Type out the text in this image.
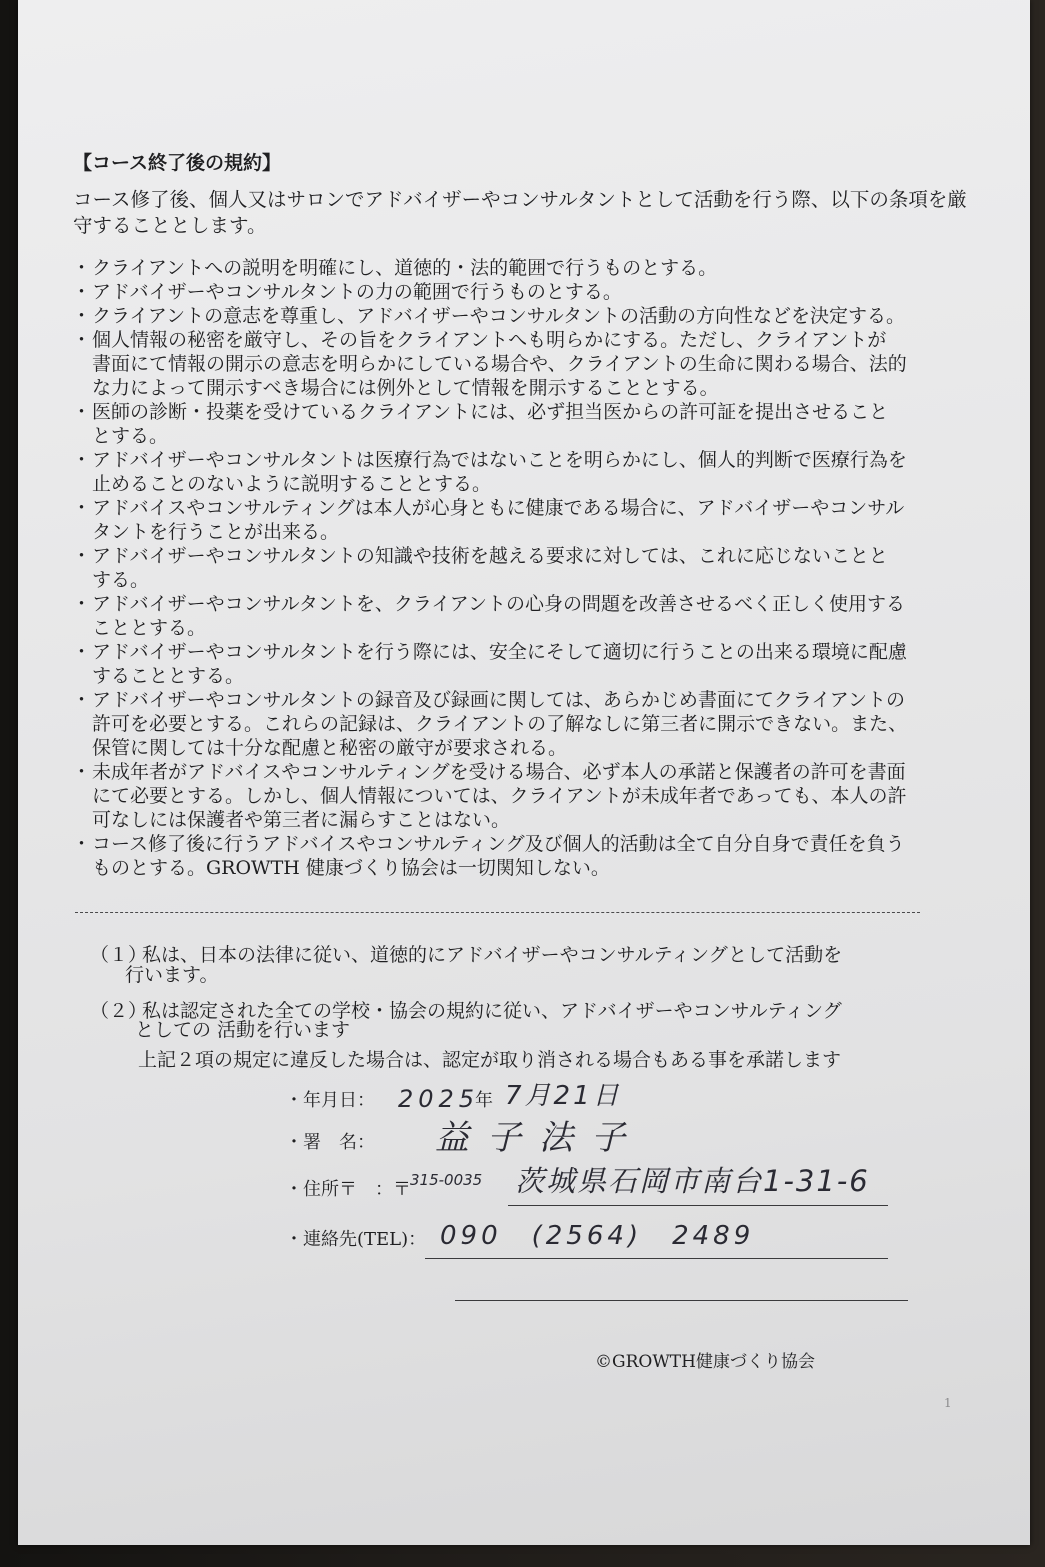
【コース終了後の規約】
コース修了後、個人又はサロンでアドバイザーやコンサルタントとして活動を行う際、以下の条項を厳
守することとします。
・ クライアントへの説明を明確にし、道徳的・法的範囲で行うものとする。
・ アドバイザーやコンサルタントの力の範囲で行うものとする。
・ クライアントの意志を尊重し、アドバイザーやコンサルタントの活動の方向性などを決定する。
・ 個人情報の秘密を厳守し、その旨をクライアントへも明らかにする。ただし、クライアントが
書面にて情報の開示の意志を明らかにしている場合や、クライアントの生命に関わる場合、法的
な力によって開示すべき場合には例外として情報を開示することとする。
・ 医師の診断・投薬を受けているクライアントには、必ず担当医からの許可証を提出させること
とする。
・ アドバイザーやコンサルタントは医療行為ではないことを明らかにし、個人的判断で医療行為を
止めることのないように説明することとする。
・ アドバイスやコンサルティングは本人が心身ともに健康である場合に、アドバイザーやコンサル
タントを行うことが出来る。
・ アドバイザーやコンサルタントの知識や技術を越える要求に対しては、これに応じないことと
する。
・ アドバイザーやコンサルタントを、クライアントの心身の問題を改善させるべく正しく使用する
こととする。
・ アドバイザーやコンサルタントを行う際には、安全にそして適切に行うことの出来る環境に配慮
することとする。
・ アドバイザーやコンサルタントの録音及び録画に関しては、あらかじめ書面にてクライアントの
許可を必要とする。これらの記録は、クライアントの了解なしに第三者に開示できない。また、
保管に関しては十分な配慮と秘密の厳守が要求される。
・ 未成年者がアドバイスやコンサルティングを受ける場合、必ず本人の承諾と保護者の許可を書面
にて必要とする。しかし、個人情報については、クライアントが未成年者であっても、本人の許
可なしには保護者や第三者に漏らすことはない。
・ コース修了後に行うアドバイスやコンサルティング及び個人的活動は全て自分自身で責任を負う
ものとする。GROWTH 健康づくり協会は一切関知しない。
（１）私は、日本の法律に従い、道徳的にアドバイザーやコンサルティングとして活動を
行います。
（２）私は認定された全ての学校・協会の規約に従い、アドバイザーやコンサルティング
としての 活動を行います
上記２項の規定に違反した場合は、認定が取り消される場合もある事を承諾します
・年月日： 2025
年 7月21日
・署　名： 益子法子
・住所〒　：〒 315-0035 茨城県石岡市南台1-31-6
・連絡先(TEL)： 090　(2564)　2489
©GROWTH健康づくり協会
1
